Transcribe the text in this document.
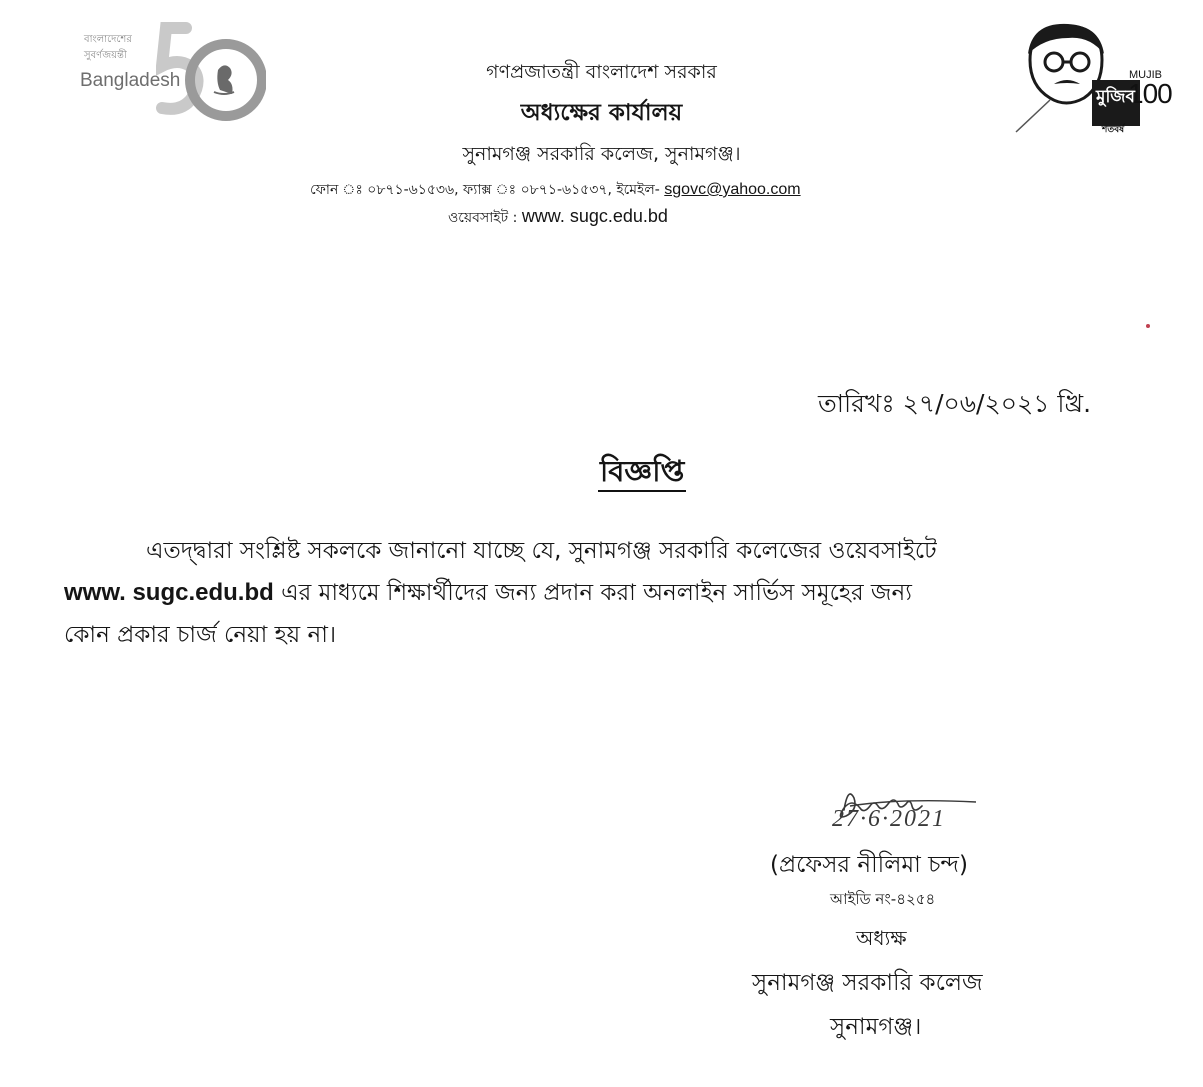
বাংলাদেশের
সুবর্ণজয়ন্তী
Bangladesh	MUJIB
100
মুজিব
শতবর্ষ
গণপ্রজাতন্ত্রী বাংলাদেশ সরকার
অধ্যক্ষের কার্যালয়
সুনামগঞ্জ সরকারি কলেজ, সুনামগঞ্জ।
ফোন ঃ ০৮৭১-৬১৫৩৬, ফ্যাক্স ঃ ০৮৭১-৬১৫৩৭, ইমেইল- sgovc@yahoo.com
ওয়েবসাইট : www. sugc.edu.bd
তারিখঃ ২৭/০৬/২০২১ খ্রি.
বিজ্ঞপ্তি
এতদ্দ্বারা সংশ্লিষ্ট সকলকে জানানো যাচ্ছে যে, সুনামগঞ্জ সরকারি কলেজের ওয়েবসাইটে
www. sugc.edu.bd এর মাধ্যমে শিক্ষার্থীদের জন্য প্রদান করা অনলাইন সার্ভিস সমূহের জন্য
কোন প্রকার চার্জ নেয়া হয় না।
27·6·2021
(প্রফেসর নীলিমা চন্দ)
আইডি নং-৪২৫৪
অধ্যক্ষ
সুনামগঞ্জ সরকারি কলেজ
সুনামগঞ্জ।
